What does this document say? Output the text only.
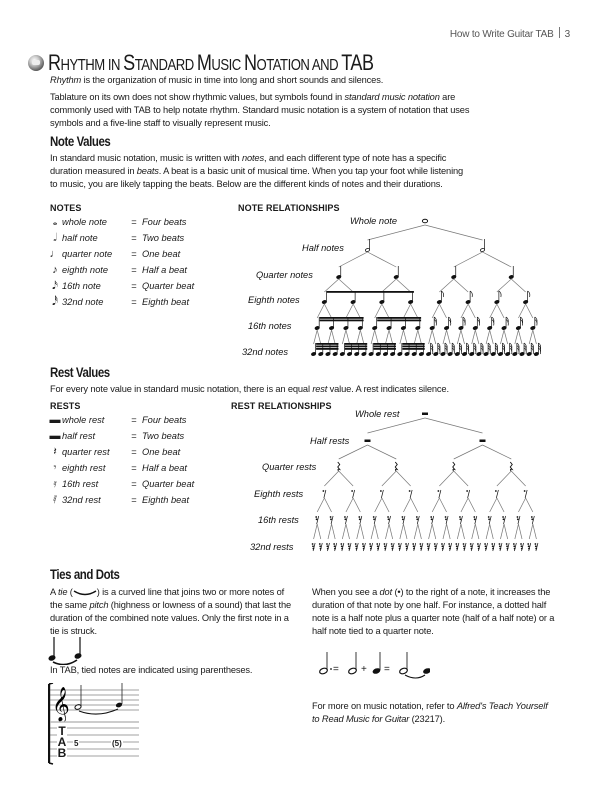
How to Write Guitar TAB 3
RHYTHM IN STANDARD MUSIC NOTATION AND TAB
Rhythm is the organization of music in time into long and short sounds and silences.
Tablature on its own does not show rhythmic values, but symbols found in standard music notation are commonly used with TAB to help notate rhythm. Standard music notation is a system of notation that uses symbols and a five-line staff to visually represent music.
Note Values
In standard music notation, music is written with notes, and each different type of note has a specific duration measured in beats. A beat is a basic unit of musical time. When you tap your foot while listening to music, you are likely tapping the beats. Below are the different kinds of notes and their durations.
NOTES
𝅝 whole note	= Four beats
𝅗𝅥 half note	= Two beats
♩ quarter note	= One beat
♪ eighth note	= Half a beat
𝅘𝅥𝅯 16th note	= Quarter beat
𝅘𝅥𝅰 32nd note	= Eighth beat
NOTE RELATIONSHIPS
Whole note
Half notes
Quarter notes
Eighth notes
16th notes
32nd notes
Rest Values
For every note value in standard music notation, there is an equal rest value. A rest indicates silence.
RESTS
▬ whole rest	= Four beats
▬ half rest	= Two beats
𝄽 quarter rest	= One beat
𝄾 eighth rest	= Half a beat
𝄿 16th rest	= Quarter beat
𝅀 32nd rest	= Eighth beat
REST RELATIONSHIPS
Whole rest
Half rests
Quarter rests
Eighth rests
16th rests
32nd rests
Ties and Dots
A tie (	) is a curved line that joins two or more notes of the same pitch (highness or lowness of a sound) that last the duration of the combined note values. Only the first note in a tie is struck.
In TAB, tied notes are indicated using parentheses.
𝄞
T
A
B
5	(5)
When you see a dot (•) to the right of a note, it increases the duration of that note by one half. For instance, a dotted half note is a half note plus a quarter note (half of a half note) or a half note tied to a quarter note.
= + =
For more on music notation, refer to Alfred's Teach Yourself to Read Music for Guitar (23217).
